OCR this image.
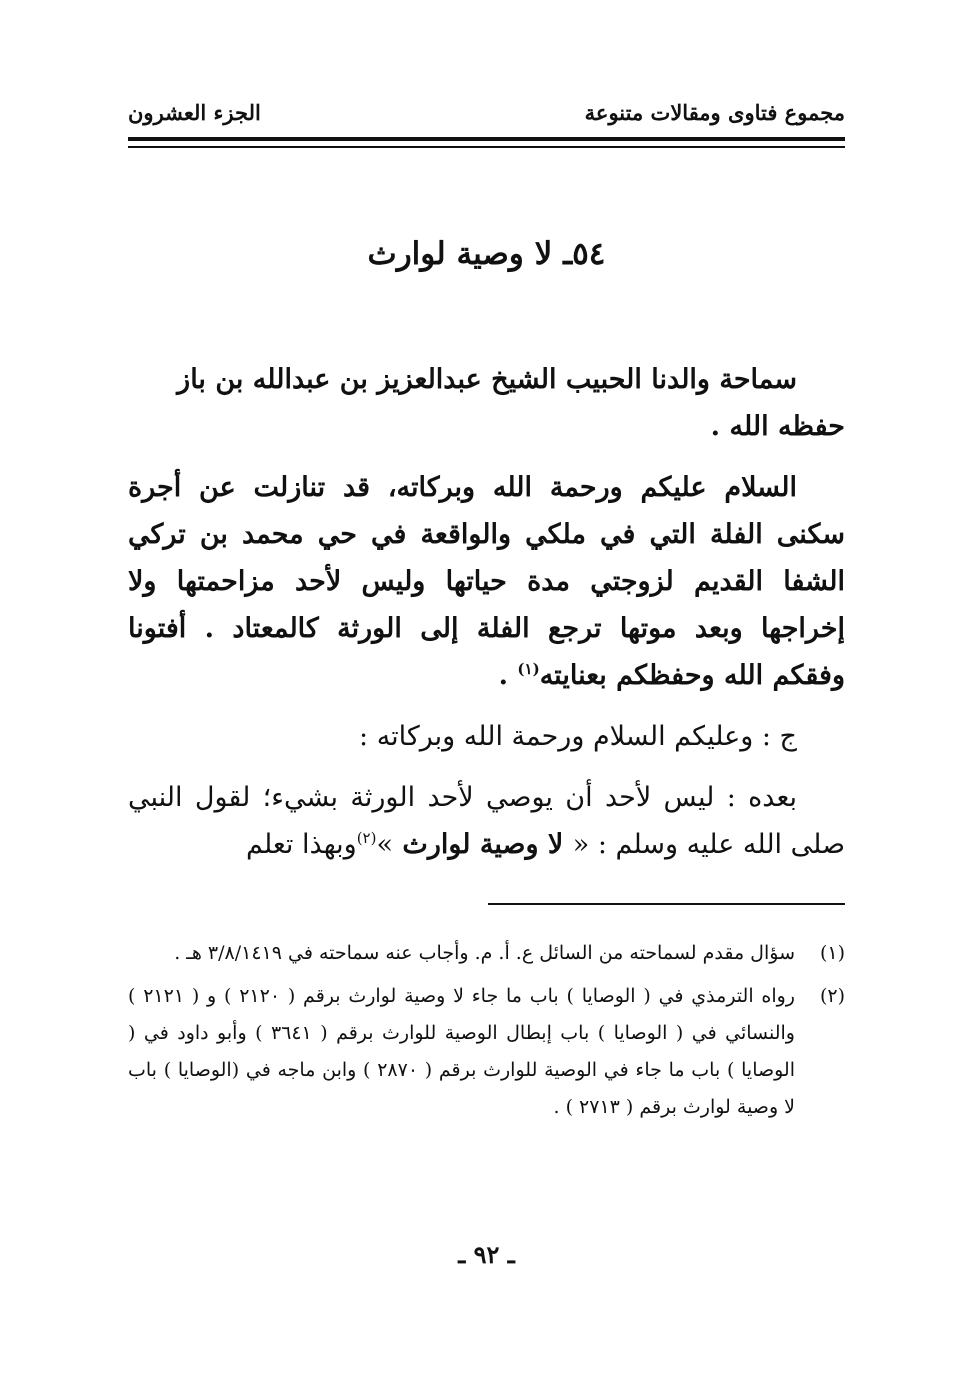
مجموع فتاوى ومقالات متنوعة
الجزء العشرون
٥٤ـ لا وصية لوارث

سماحة والدنا الحبيب الشيخ عبدالعزيز بن عبدالله بن باز
حفظه الله .

السلام عليكم ورحمة الله وبركاته، قد تنازلت عن أجرة سكنى الفلة التي في ملكي والواقعة في حي محمد بن تركي الشفا القديم لزوجتي مدة حياتها وليس لأحد مزاحمتها ولا إخراجها وبعد موتها ترجع الفلة إلى الورثة كالمعتاد . أفتونا وفقكم الله وحفظكم بعنايته$^{(١)}$ .

ج : وعليكم السلام ورحمة الله وبركاته :

بعده : ليس لأحد أن يوصي لأحد الورثة بشيء؛ لقول النبي صلى الله عليه وسلم : « لا وصية لوارث »$^{(٢)}$وبهذا تعلم

(١)
سؤال مقدم لسماحته من السائل ع. أ. م. وأجاب عنه سماحته في ٣/٨/١٤١٩ هـ .
(٢)
رواه الترمذي في ( الوصايا ) باب ما جاء لا وصية لوارث برقم ( ٢١٢٠ ) و ( ٢١٢١ ) والنسائي في ( الوصايا ) باب إبطال الوصية للوارث برقم ( ٣٦٤١ ) وأبو داود في ( الوصايا ) باب ما جاء في الوصية للوارث برقم ( ٢٨٧٠ ) وابن ماجه في (الوصايا ) باب لا وصية لوارث برقم ( ٢٧١٣ ) .
ـ ٩٢ ـ
